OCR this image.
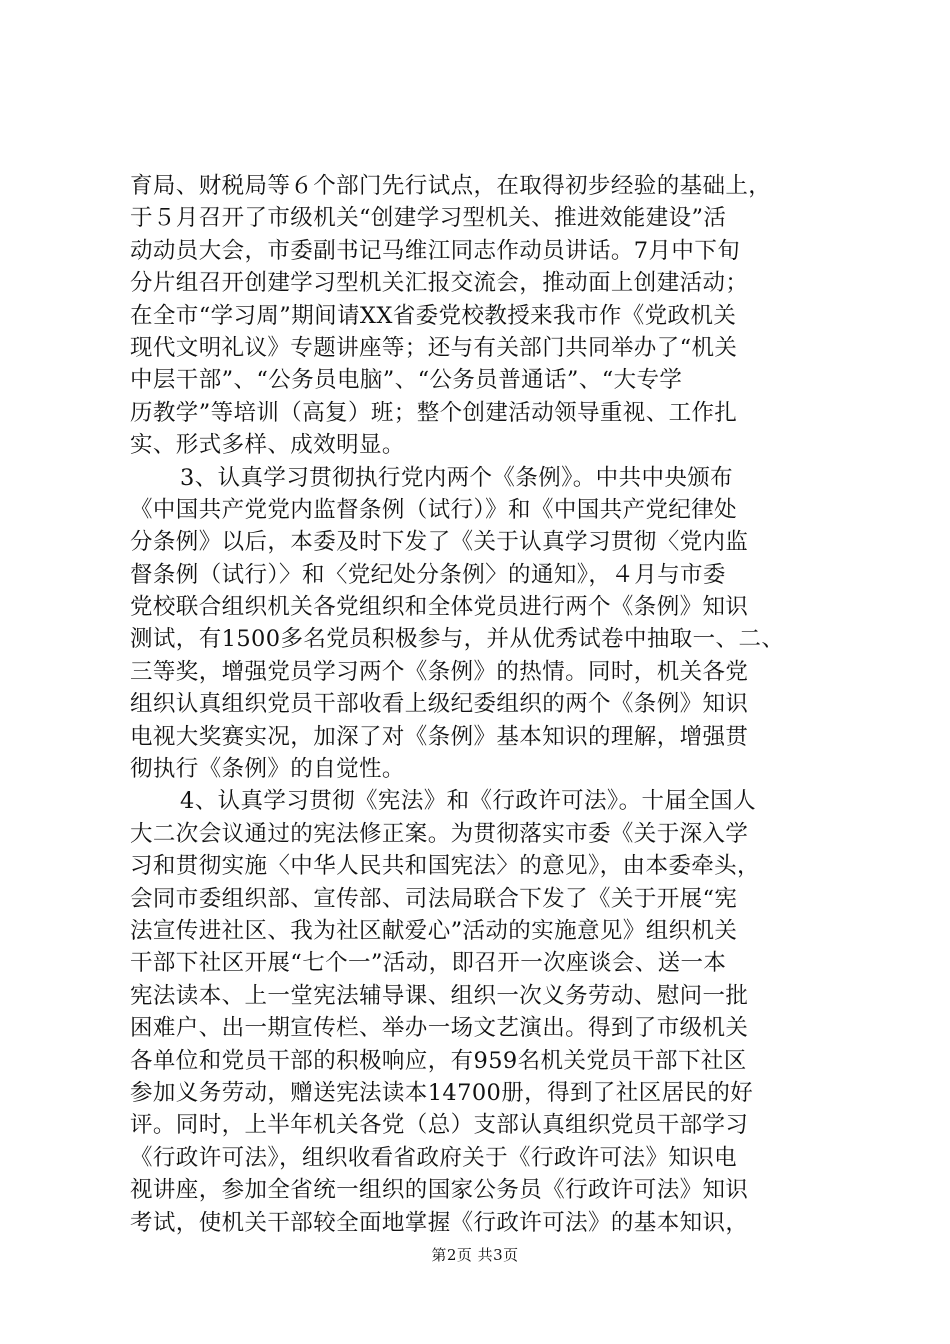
育局、财税局等６个部门先行试点，在取得初步经验的基础上，
于５月召开了市级机关“创建学习型机关、推进效能建设”活
动动员大会，市委副书记马维江同志作动员讲话。7月中下旬
分片组召开创建学习型机关汇报交流会，推动面上创建活动；
在全市“学习周”期间请XX省委党校教授来我市作《党政机关
现代文明礼议》专题讲座等；还与有关部门共同举办了“机关
中层干部”、“公务员电脑”、“公务员普通话”、“大专学
历教学”等培训（高复）班；整个创建活动领导重视、工作扎
实、形式多样、成效明显。
3、认真学习贯彻执行党内两个《条例》。中共中央颁布
《中国共产党党内监督条例（试行）》和《中国共产党纪律处
分条例》以后，本委及时下发了《关于认真学习贯彻〈党内监
督条例（试行）〉和〈党纪处分条例〉的通知》，４月与市委
党校联合组织机关各党组织和全体党员进行两个《条例》知识
测试，有1500多名党员积极参与，并从优秀试卷中抽取一、二、
三等奖，增强党员学习两个《条例》的热情。同时，机关各党
组织认真组织党员干部收看上级纪委组织的两个《条例》知识
电视大奖赛实况，加深了对《条例》基本知识的理解，增强贯
彻执行《条例》的自觉性。
4、认真学习贯彻《宪法》和《行政许可法》。十届全国人
大二次会议通过的宪法修正案。为贯彻落实市委《关于深入学
习和贯彻实施〈中华人民共和国宪法〉的意见》，由本委牵头，
会同市委组织部、宣传部、司法局联合下发了《关于开展“宪
法宣传进社区、我为社区献爱心”活动的实施意见》组织机关
干部下社区开展“七个一”活动，即召开一次座谈会、送一本
宪法读本、上一堂宪法辅导课、组织一次义务劳动、慰问一批
困难户、出一期宣传栏、举办一场文艺演出。得到了市级机关
各单位和党员干部的积极响应，有959名机关党员干部下社区
参加义务劳动，赠送宪法读本14700册，得到了社区居民的好
评。同时，上半年机关各党（总）支部认真组织党员干部学习
《行政许可法》，组织收看省政府关于《行政许可法》知识电
视讲座，参加全省统一组织的国家公务员《行政许可法》知识
考试，使机关干部较全面地掌握《行政许可法》的基本知识，
第2页 共3页
